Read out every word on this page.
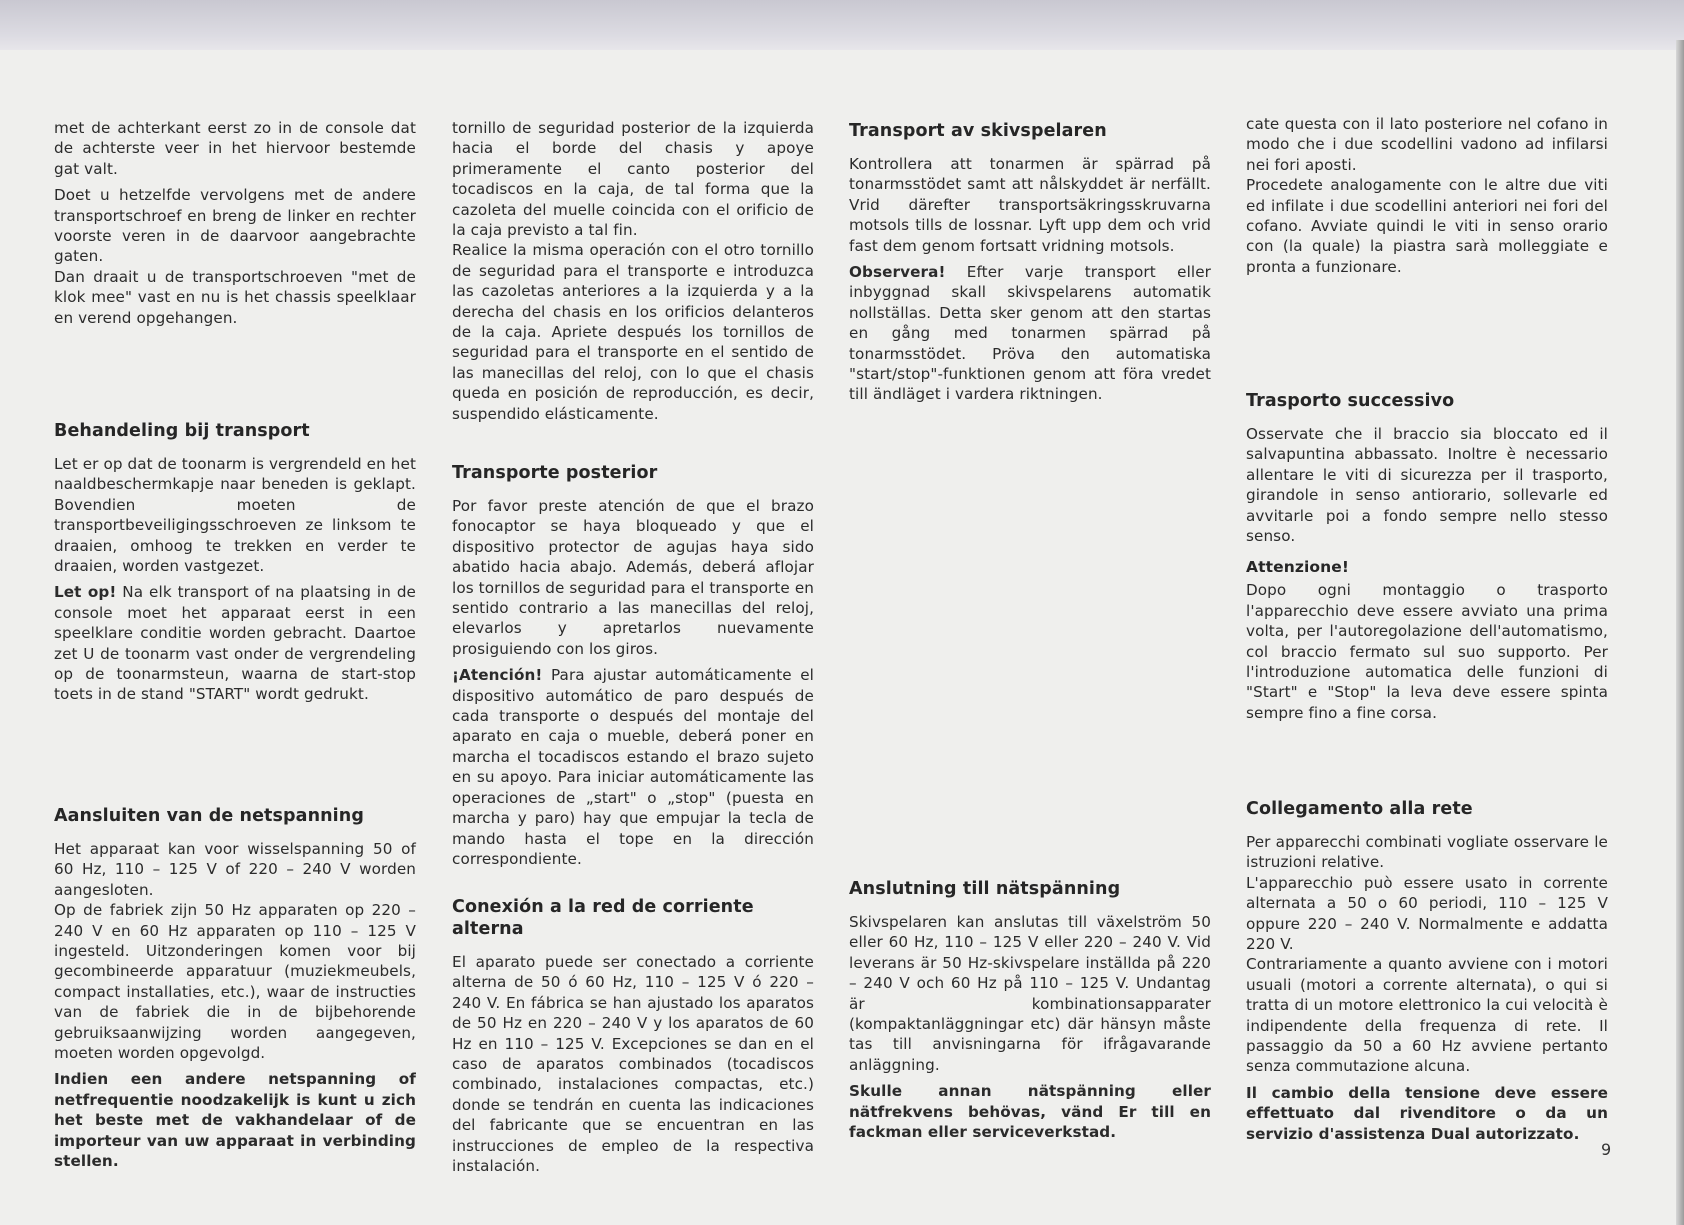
met de achterkant eerst zo in de console dat de achterste veer in het hiervoor bestemde gat valt.

Doet u hetzelfde vervolgens met de andere transportschroef en breng de linker en rechter voorste veren in de daarvoor aangebrachte gaten.

Dan draait u de transportschroeven "met de klok mee" vast en nu is het chassis speelklaar en verend opgehangen.

Behandeling bij transport

Let er op dat de toonarm is vergrendeld en het naaldbeschermkapje naar beneden is geklapt. Bovendien moeten de transportbeveiligingsschroeven ze linksom te draaien, omhoog te trekken en verder te draaien, worden vastgezet.

Let op! Na elk transport of na plaatsing in de console moet het apparaat eerst in een speelklare conditie worden gebracht. Daartoe zet U de toonarm vast onder de vergrendeling op de toonarmsteun, waarna de start-stop toets in de stand "START" wordt gedrukt.

Aansluiten van de netspanning

Het apparaat kan voor wisselspanning 50 of 60 Hz, 110 – 125 V of 220 – 240 V worden aangesloten.

Op de fabriek zijn 50 Hz apparaten op 220 – 240 V en 60 Hz apparaten op 110 – 125 V ingesteld. Uitzonderingen komen voor bij gecombineerde apparatuur (muziekmeubels, compact installaties, etc.), waar de instructies van de fabriek die in de bijbehorende gebruiksaanwijzing worden aangegeven, moeten worden opgevolgd.

Indien een andere netspanning of netfrequentie noodzakelijk is kunt u zich het beste met de vakhandelaar of de importeur van uw apparaat in verbinding stellen.

tornillo de seguridad posterior de la izquierda hacia el borde del chasis y apoye primeramente el canto posterior del tocadiscos en la caja, de tal forma que la cazoleta del muelle coincida con el orificio de la caja previsto a tal fin.

Realice la misma operación con el otro tornillo de seguridad para el transporte e introduzca las cazoletas anteriores a la izquierda y a la derecha del chasis en los orificios delanteros de la caja. Apriete después los tornillos de seguridad para el transporte en el sentido de las manecillas del reloj, con lo que el chasis queda en posición de reproducción, es decir, suspendido elásticamente.

Transporte posterior

Por favor preste atención de que el brazo fonocaptor se haya bloqueado y que el dispositivo protector de agujas haya sido abatido hacia abajo. Además, deberá aflojar los tornillos de seguridad para el transporte en sentido contrario a las manecillas del reloj, elevarlos y apretarlos nuevamente prosiguiendo con los giros.

¡Atención! Para ajustar automáticamente el dispositivo automático de paro después de cada transporte o después del montaje del aparato en caja o mueble, deberá poner en marcha el tocadiscos estando el brazo sujeto en su apoyo. Para iniciar automáticamente las operaciones de „start" o „stop" (puesta en marcha y paro) hay que empujar la tecla de mando hasta el tope en la dirección correspondiente.

Conexión a la red de corriente alterna

El aparato puede ser conectado a corriente alterna de 50 ó 60 Hz, 110 – 125 V ó 220 – 240 V. En fábrica se han ajustado los aparatos de 50 Hz en 220 – 240 V y los aparatos de 60 Hz en 110 – 125 V. Excepciones se dan en el caso de aparatos combinados (tocadiscos combinado, instalaciones compactas, etc.) donde se tendrán en cuenta las indicaciones del fabricante que se encuentran en las instrucciones de empleo de la respectiva instalación.

Transport av skivspelaren

Kontrollera att tonarmen är spärrad på tonarmsstödet samt att nålskyddet är nerfällt. Vrid därefter transportsäkringsskruvarna motsols tills de lossnar. Lyft upp dem och vrid fast dem genom fortsatt vridning motsols.

Observera! Efter varje transport eller inbyggnad skall skivspelarens automatik nollställas. Detta sker genom att den startas en gång med tonarmen spärrad på tonarmsstödet. Pröva den automatiska "start/stop"-funktionen genom att föra vredet till ändläget i vardera riktningen.

Anslutning till nätspänning

Skivspelaren kan anslutas till växelström 50 eller 60 Hz, 110 – 125 V eller 220 – 240 V. Vid leverans är 50 Hz-skivspelare inställda på 220 – 240 V och 60 Hz på 110 – 125 V. Undantag är kombinationsapparater (kompaktanläggningar etc) där hänsyn måste tas till anvisningarna för ifrågavarande anläggning.

Skulle annan nätspänning eller nätfrekvens behövas, vänd Er till en fackman eller serviceverkstad.

cate questa con il lato posteriore nel cofano in modo che i due scodellini vadono ad infilarsi nei fori aposti.

Procedete analogamente con le altre due viti ed infilate i due scodellini anteriori nei fori del cofano. Avviate quindi le viti in senso orario con (la quale) la piastra sarà molleggiate e pronta a funzionare.

Trasporto successivo

Osservate che il braccio sia bloccato ed il salvapuntina abbassato. Inoltre è necessario allentare le viti di sicurezza per il trasporto, girandole in senso antiorario, sollevarle ed avvitarle poi a fondo sempre nello stesso senso.

Attenzione!

Dopo ogni montaggio o trasporto l'apparecchio deve essere avviato una prima volta, per l'autoregolazione dell'automatismo, col braccio fermato sul suo supporto. Per l'introduzione automatica delle funzioni di "Start" e "Stop" la leva deve essere spinta sempre fino a fine corsa.

Collegamento alla rete

Per apparecchi combinati vogliate osservare le istruzioni relative.

L'apparecchio può essere usato in corrente alternata a 50 o 60 periodi, 110 – 125 V oppure 220 – 240 V. Normalmente e addatta 220 V.

Contrariamente a quanto avviene con i motori usuali (motori a corrente alternata), o qui si tratta di un motore elettronico la cui velocità è indipendente della frequenza di rete. Il passaggio da 50 a 60 Hz avviene pertanto senza commutazione alcuna.

Il cambio della tensione deve essere effettuato dal rivenditore o da un servizio d'assistenza Dual autorizzato.

9
